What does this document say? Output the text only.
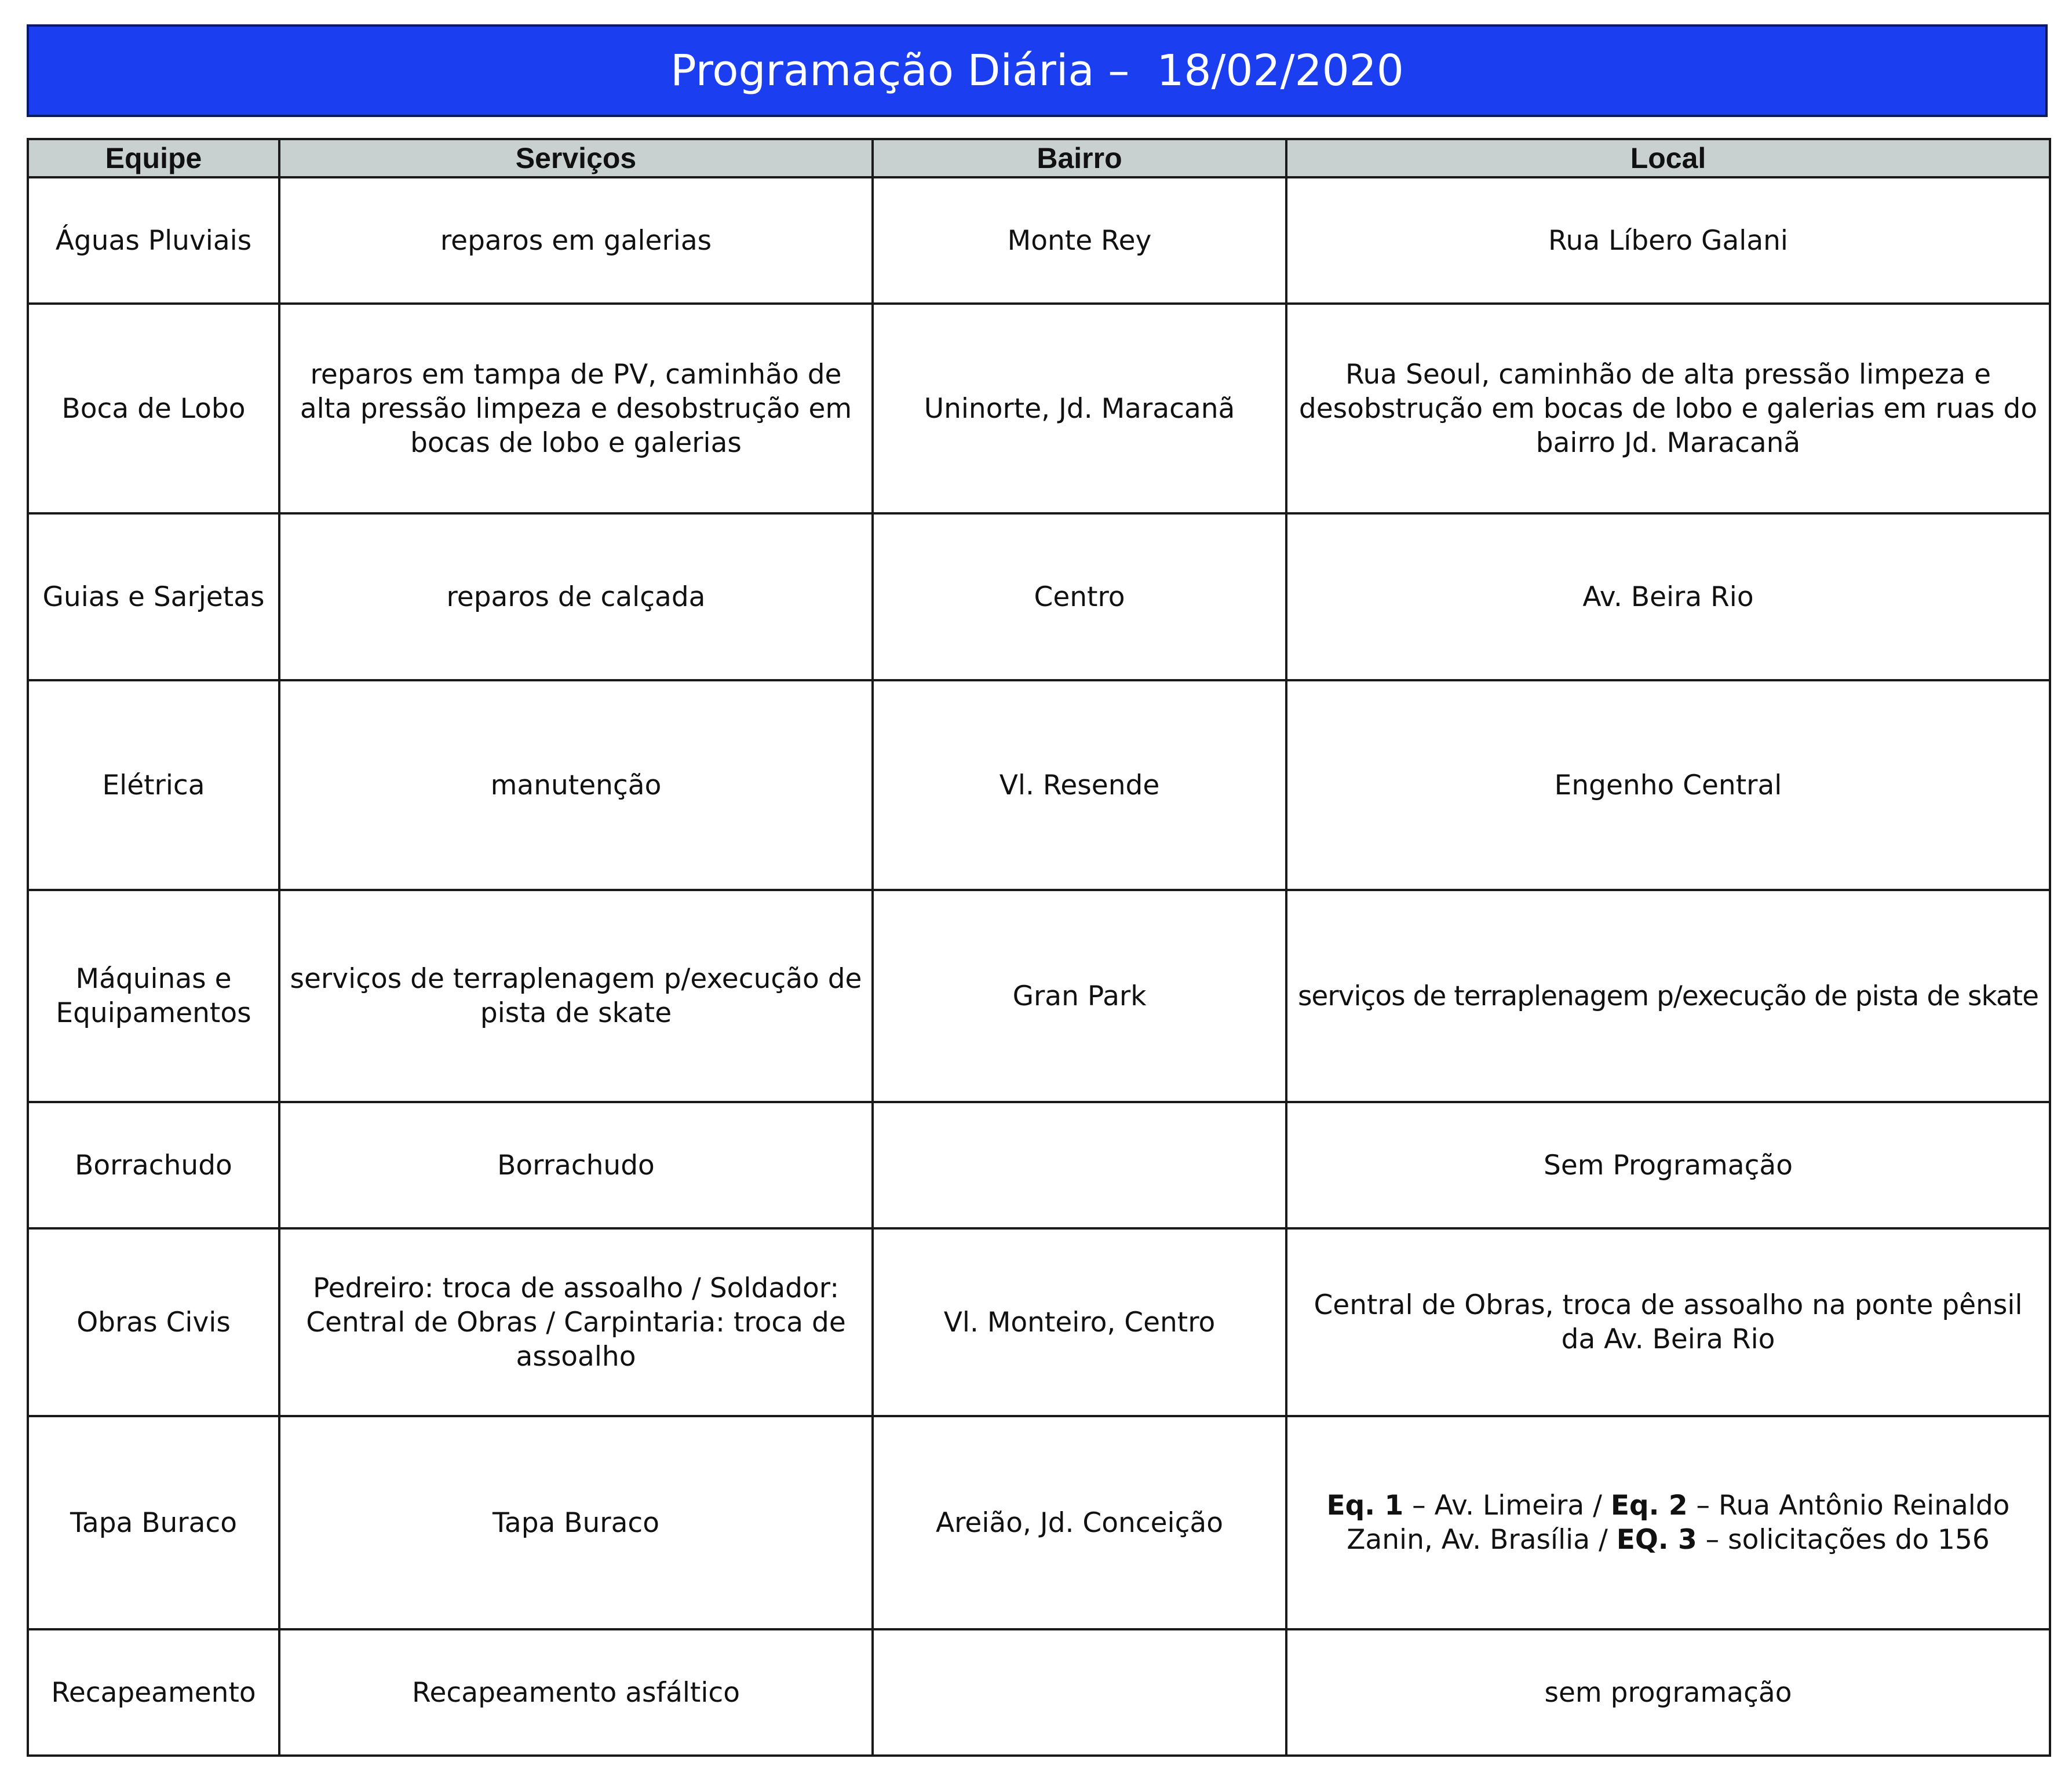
Programação Diária –  18/02/2020
Equipe	Serviços	Bairro	Local
Águas Pluviais	reparos em galerias	Monte Rey	Rua Líbero Galani
Boca de Lobo	reparos em tampa de PV, caminhão de alta pressão limpeza e desobstrução em bocas de lobo e galerias	Uninorte, Jd. Maracanã	Rua Seoul, caminhão de alta pressão limpeza e desobstrução em bocas de lobo e galerias em ruas do bairro Jd. Maracanã
Guias e Sarjetas	reparos de calçada	Centro	Av. Beira Rio
Elétrica	manutenção	Vl. Resende	Engenho Central
Máquinas e Equipamentos	serviços de terraplenagem p/execução de pista de skate	Gran Park	serviços de terraplenagem p/execução de pista de skate
Borrachudo	Borrachudo		Sem Programação
Obras Civis	Pedreiro: troca de assoalho / Soldador: Central de Obras / Carpintaria: troca de assoalho	Vl. Monteiro, Centro	Central de Obras, troca de assoalho na ponte pênsil da Av. Beira Rio
Tapa Buraco	Tapa Buraco	Areião, Jd. Conceição	Eq. 1 – Av. Limeira / Eq. 2 – Rua Antônio Reinaldo Zanin, Av. Brasília / EQ. 3 – solicitações do 156
Recapeamento	Recapeamento asfáltico		sem programação
